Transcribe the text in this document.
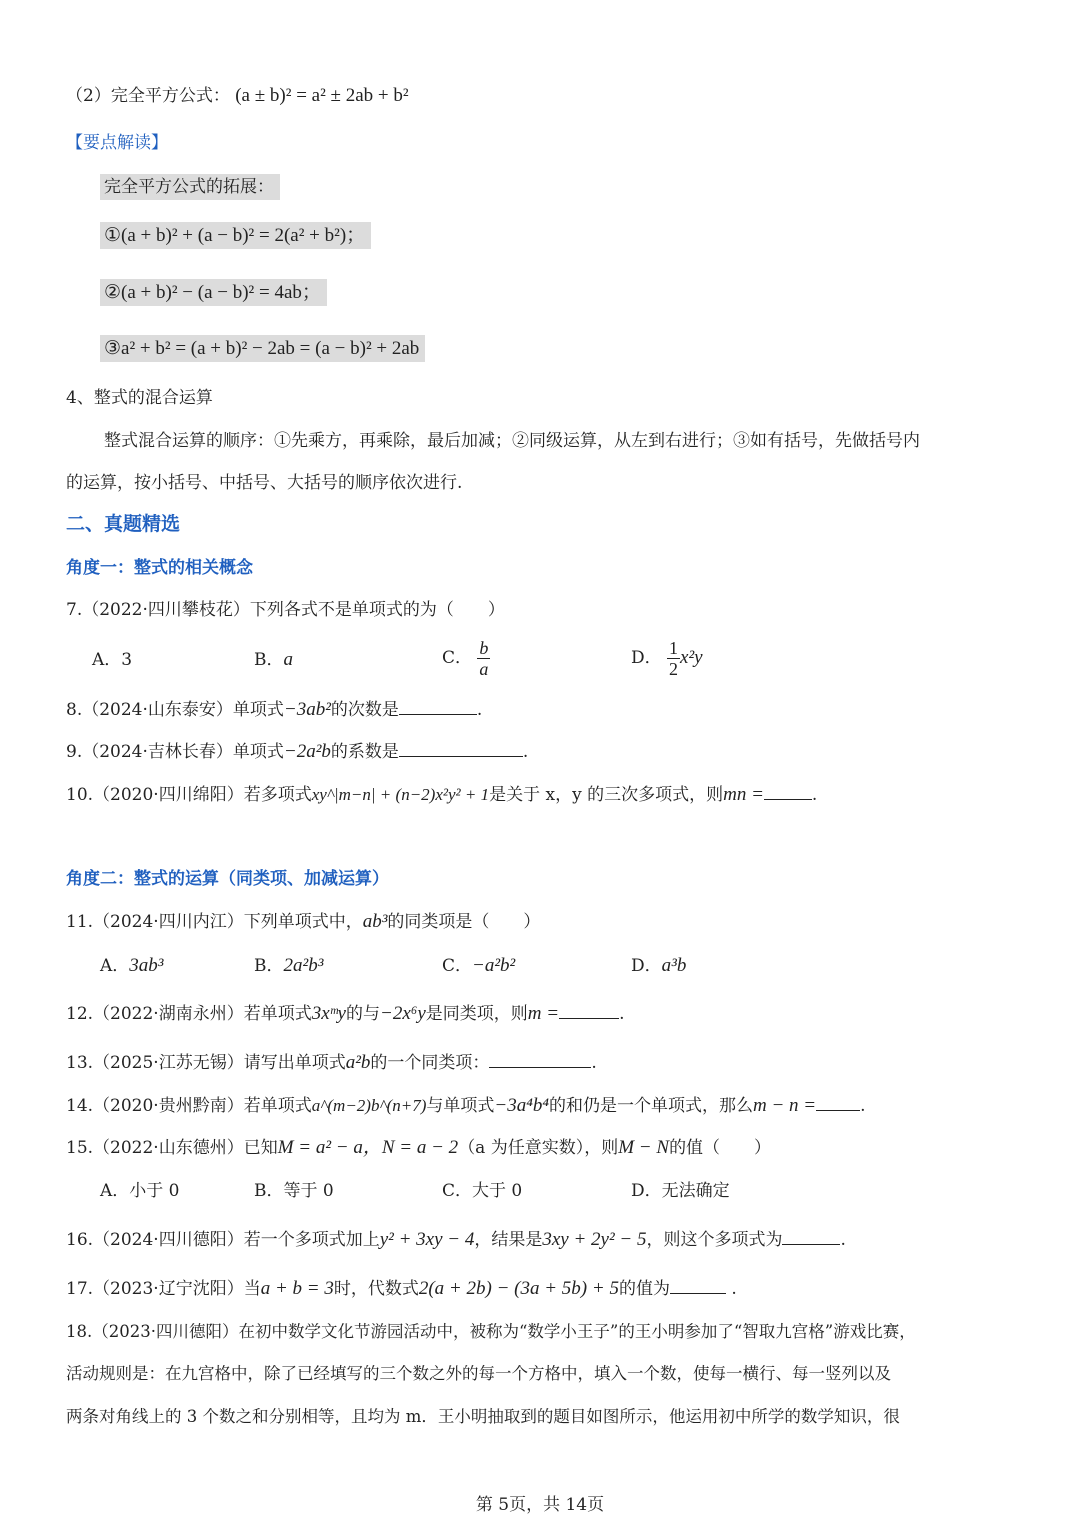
（2）完全平方公式： (a ± b)² = a² ± 2ab + b²
【要点解读】
完全平方公式的拓展：
①(a + b)² + (a − b)² = 2(a² + b²)；
②(a + b)² − (a − b)² = 4ab；
③a² + b² = (a + b)² − 2ab = (a − b)² + 2ab
4、整式的混合运算
整式混合运算的顺序：①先乘方，再乘除，最后加减；②同级运算，从左到右进行；③如有括号，先做括号内
的运算，按小括号、中括号、大括号的顺序依次进行.
二、真题精选
角度一：整式的相关概念
7.（2022·四川攀枝花）下列各式不是单项式的为（　　）
A．3	B．a	C． $\frac{b}{a}$	D． $\frac{1}{2} x^2y$
8.（2024·山东泰安）单项式−3ab²的次数是	.
9.（2024·吉林长春）单项式−2a²b的系数是	.
10.（2020·四川绵阳）若多项式xy^|m−n| + (n−2)x²y² + 1是关于 x，y 的三次多项式，则mn =	.
角度二：整式的运算（同类项、加减运算）
11.（2024·四川内江）下列单项式中，ab³的同类项是（　　）
A．3ab³	B．2a²b³	C．−a²b²	D．a³b
12.（2022·湖南永州）若单项式3xᵐy的与−2x⁶y是同类项，则m =	.
13.（2025·江苏无锡）请写出单项式a²b的一个同类项：	.
14.（2020·贵州黔南）若单项式a^(m−2)b^(n+7)与单项式−3a⁴b⁴的和仍是一个单项式，那么m − n =	.
15.（2022·山东德州）已知M = a² − a，N = a − 2（a 为任意实数），则M − N的值（　　）
A．小于 0	B．等于 0	C．大于 0	D．无法确定
16.（2024·四川德阳）若一个多项式加上y² + 3xy − 4，结果是3xy + 2y² − 5，则这个多项式为	.
17.（2023·辽宁沈阳）当a + b = 3时，代数式2(a + 2b) − (3a + 5b) + 5的值为	.
18.（2023·四川德阳）在初中数学文化节游园活动中，被称为“数学小王子”的王小明参加了“智取九宫格”游戏比赛，
活动规则是：在九宫格中，除了已经填写的三个数之外的每一个方格中，填入一个数，使每一横行、每一竖列以及
两条对角线上的 3 个数之和分别相等，且均为 m．王小明抽取到的题目如图所示，他运用初中所学的数学知识，很
第 5页，共 14页
